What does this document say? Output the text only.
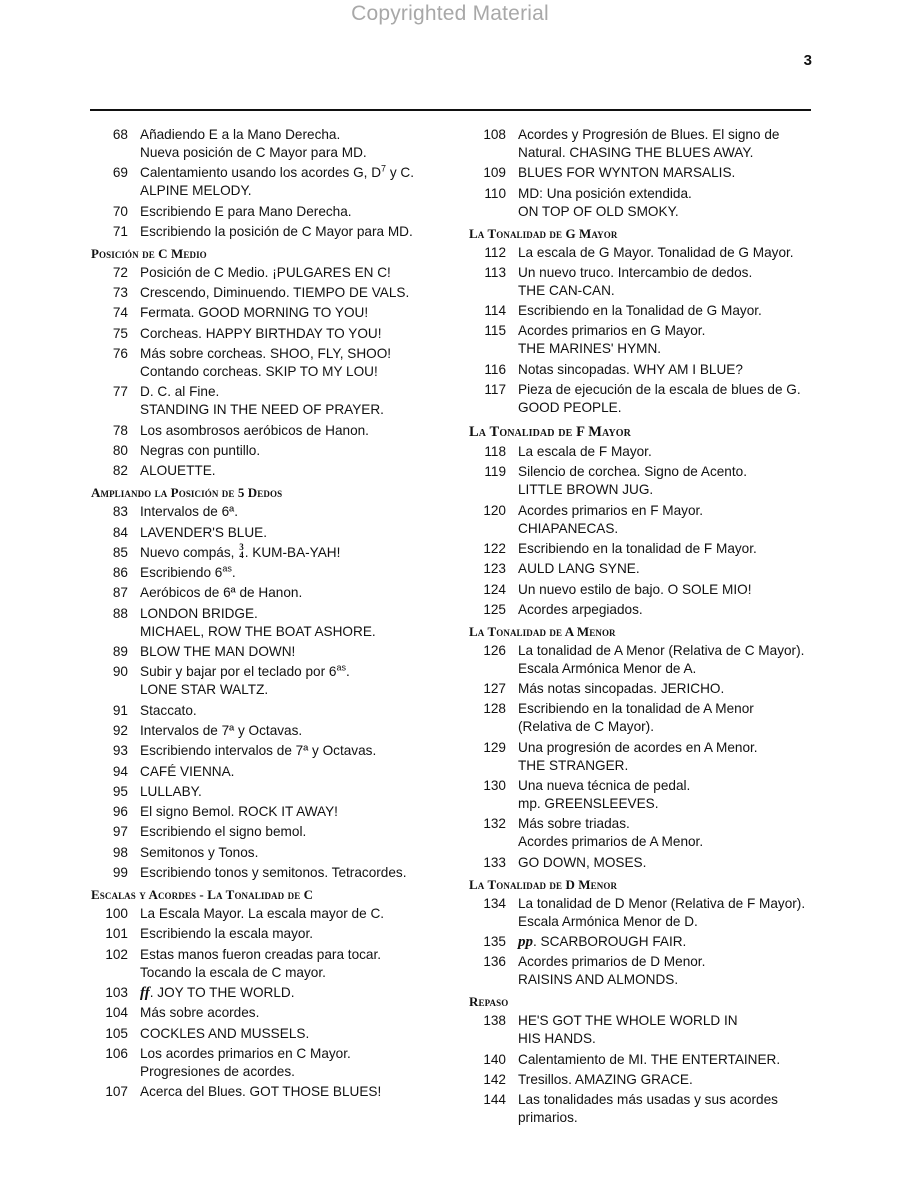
Copyrighted Material
3
68 Añadiendo E a la Mano Derecha.
Nueva posición de C Mayor para MD.
69 Calentamiento usando los acordes G, $D^7$ y C.
ALPINE MELODY.
70 Escribiendo E para Mano Derecha.
71 Escribiendo la posición de C Mayor para MD.
Posición de C Medio
72 Posición de C Medio. ¡PULGARES EN C!
73 Crescendo, Diminuendo. TIEMPO DE VALS.
74 Fermata. GOOD MORNING TO YOU!
75 Corcheas. HAPPY BIRTHDAY TO YOU!
76 Más sobre corcheas. SHOO, FLY, SHOO!
Contando corcheas. SKIP TO MY LOU!
77 D. C. al Fine.
STANDING IN THE NEED OF PRAYER.
78 Los asombrosos aeróbicos de Hanon.
80 Negras con puntillo.
82 ALOUETTE.
Ampliando la Posición de 5 Dedos
83 Intervalos de 6ª.
84 LAVENDER'S BLUE.
85 Nuevo compás, 3
4 . KUM-BA-YAH!
86 Escribiendo $6^{as}$.
87 Aeróbicos de 6ª de Hanon.
88 LONDON BRIDGE.
MICHAEL, ROW THE BOAT ASHORE.
89 BLOW THE MAN DOWN!
90 Subir y bajar por el teclado por $6^{as}$.
LONE STAR WALTZ.
91 Staccato.
92 Intervalos de 7ª y Octavas.
93 Escribiendo intervalos de 7ª y Octavas.
94 CAFÉ VIENNA.
95 LULLABY.
96 El signo Bemol. ROCK IT AWAY!
97 Escribiendo el signo bemol.
98 Semitonos y Tonos.
99 Escribiendo tonos y semitonos. Tetracordes.
Escalas y Acordes - La Tonalidad de C
100 La Escala Mayor. La escala mayor de C.
101 Escribiendo la escala mayor.
102 Estas manos fueron creadas para tocar.
Tocando la escala de C mayor.
103 ff. JOY TO THE WORLD.
104 Más sobre acordes.
105 COCKLES AND MUSSELS.
106 Los acordes primarios en C Mayor.
Progresiones de acordes.
107 Acerca del Blues. GOT THOSE BLUES!
108 Acordes y Progresión de Blues. El signo de
Natural. CHASING THE BLUES AWAY.
109 BLUES FOR WYNTON MARSALIS.
110 MD: Una posición extendida.
ON TOP OF OLD SMOKY.
La Tonalidad de G Mayor
112 La escala de G Mayor. Tonalidad de G Mayor.
113 Un nuevo truco. Intercambio de dedos.
THE CAN-CAN.
114 Escribiendo en la Tonalidad de G Mayor.
115 Acordes primarios en G Mayor.
THE MARINES' HYMN.
116 Notas sincopadas. WHY AM I BLUE?
117 Pieza de ejecución de la escala de blues de G.
GOOD PEOPLE.
La Tonalidad de F Mayor
118 La escala de F Mayor.
119 Silencio de corchea. Signo de Acento.
LITTLE BROWN JUG.
120 Acordes primarios en F Mayor.
CHIAPANECAS.
122 Escribiendo en la tonalidad de F Mayor.
123 AULD LANG SYNE.
124 Un nuevo estilo de bajo. O SOLE MIO!
125 Acordes arpegiados.
La Tonalidad de A Menor
126 La tonalidad de A Menor (Relativa de C Mayor).
Escala Armónica Menor de A.
127 Más notas sincopadas. JERICHO.
128 Escribiendo en la tonalidad de A Menor
(Relativa de C Mayor).
129 Una progresión de acordes en A Menor.
THE STRANGER.
130 Una nueva técnica de pedal.
mp. GREENSLEEVES.
132 Más sobre triadas.
Acordes primarios de A Menor.
133 GO DOWN, MOSES.
La Tonalidad de D Menor
134 La tonalidad de D Menor (Relativa de F Mayor).
Escala Armónica Menor de D.
135 pp. SCARBOROUGH FAIR.
136 Acordes primarios de D Menor.
RAISINS AND ALMONDS.
Repaso
138 HE'S GOT THE WHOLE WORLD IN
HIS HANDS.
140 Calentamiento de MI. THE ENTERTAINER.
142 Tresillos. AMAZING GRACE.
144 Las tonalidades más usadas y sus acordes
primarios.
